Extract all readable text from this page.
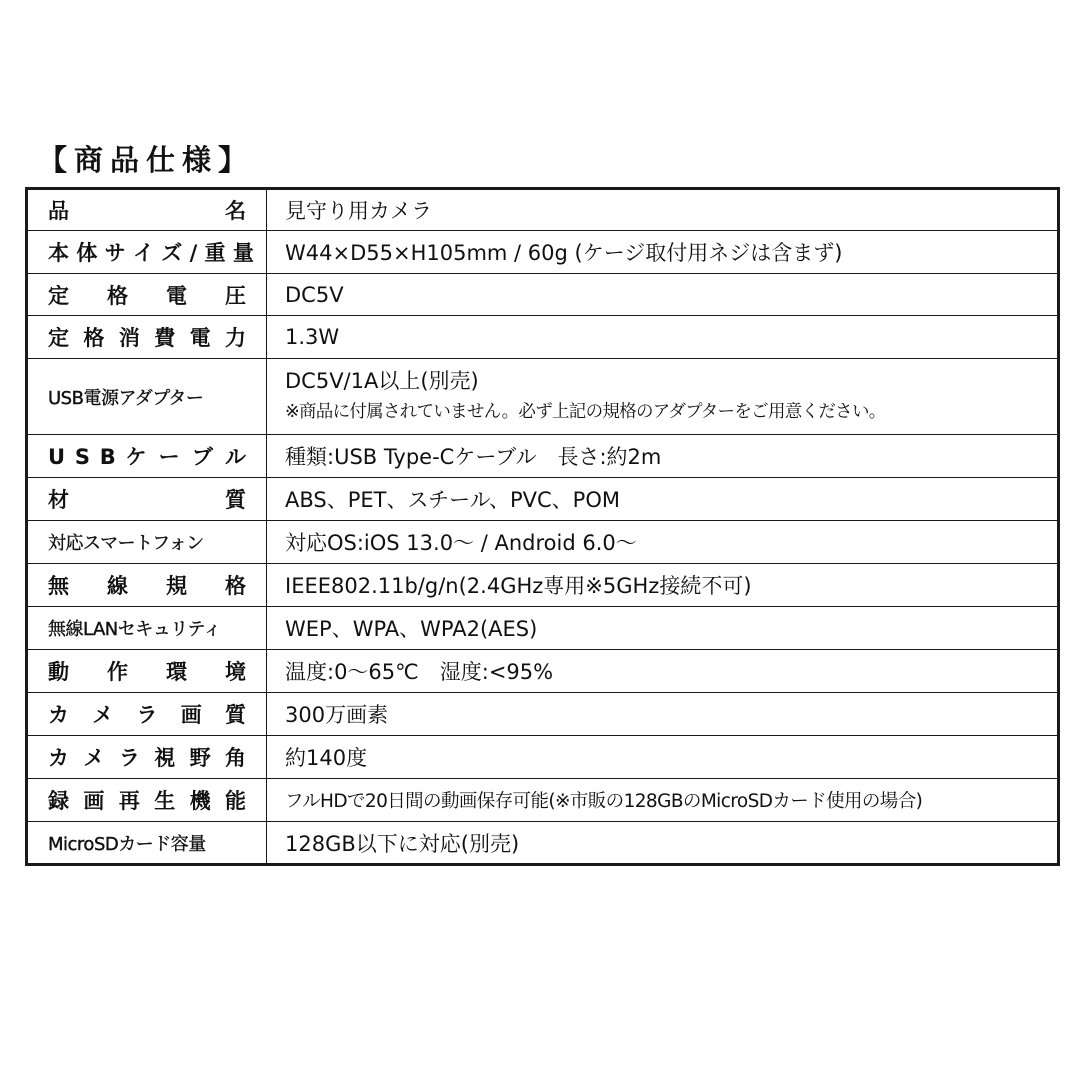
【商品仕様】
品 名	見守り用カメラ

本 体 サ イ ズ / 重 量	W44×D55×H105mm / 60g (ケージ取付用ネジは含まず)

定 格 電 圧	DC5V

定 格 消 費 電 力	1.3W

USB電源アダプター	DC5V/1A以上(別売)
※商品に付属されていません。必ず上記の規格のアダプターをご用意ください。

U S B ケ ー ブ ル	種類:USB Type-Cケーブル　長さ:約2m

材 質	ABS、PET、スチール、PVC、POM

対応スマートフォン	対応OS:iOS 13.0～ / Android 6.0～

無 線 規 格	IEEE802.11b/g/n(2.4GHz専用※5GHz接続不可)

無線LANセキュリティ	WEP、WPA、WPA2(AES)

動 作 環 境	温度:0～65℃　湿度:<95%

カ メ ラ 画 質	300万画素

カ メ ラ 視 野 角	約140度

録 画 再 生 機 能	フルHDで20日間の動画保存可能(※市販の128GBのMicroSDカード使用の場合)

MicroSDカード容量	128GB以下に対応(別売)
